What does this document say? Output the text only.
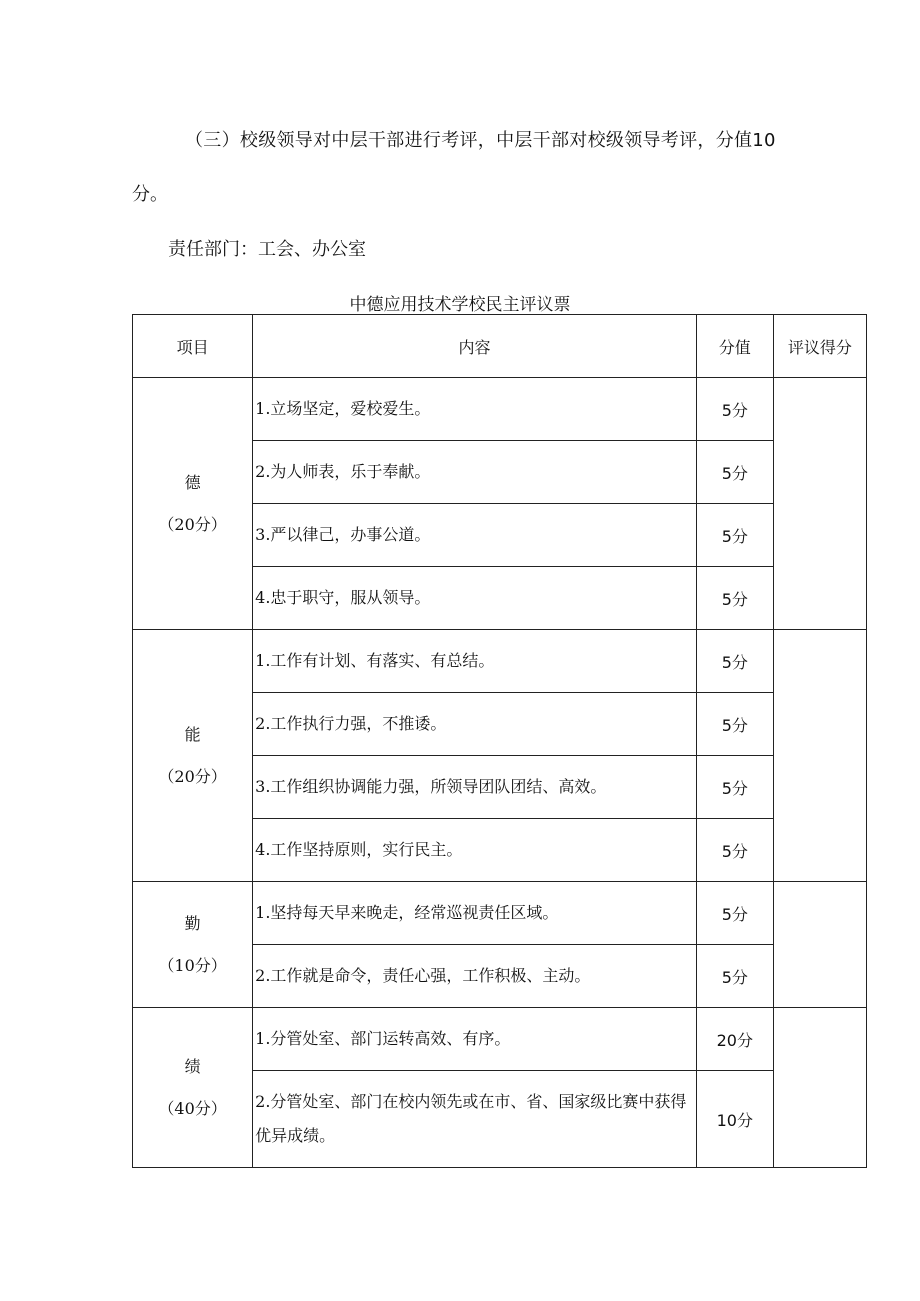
（三）校级领导对中层干部进行考评，中层干部对校级领导考评，分值10
分。
责任部门：工会、办公室
中德应用技术学校民主评议票
项目	内容	分值	评议得分

德
（20分）	1.立场坚定，爱校爱生。	5分	
	2.为人师表，乐于奉献。	5分	
	3.严以律己，办事公道。	5分	
	4.忠于职守，服从领导。	5分	

能
（20分）	1.工作有计划、有落实、有总结。	5分	
	2.工作执行力强，不推诿。	5分	
	3.工作组织协调能力强，所领导团队团结、高效。	5分	
	4.工作坚持原则，实行民主。	5分	

勤
（10分）	1.坚持每天早来晚走，经常巡视责任区域。	5分	
	2.工作就是命令，责任心强，工作积极、主动。	5分	

绩
（40分）	1.分管处室、部门运转高效、有序。	20分	
	2.分管处室、部门在校内领先或在市、省、国家级比赛中获得优异成绩。	10分	
